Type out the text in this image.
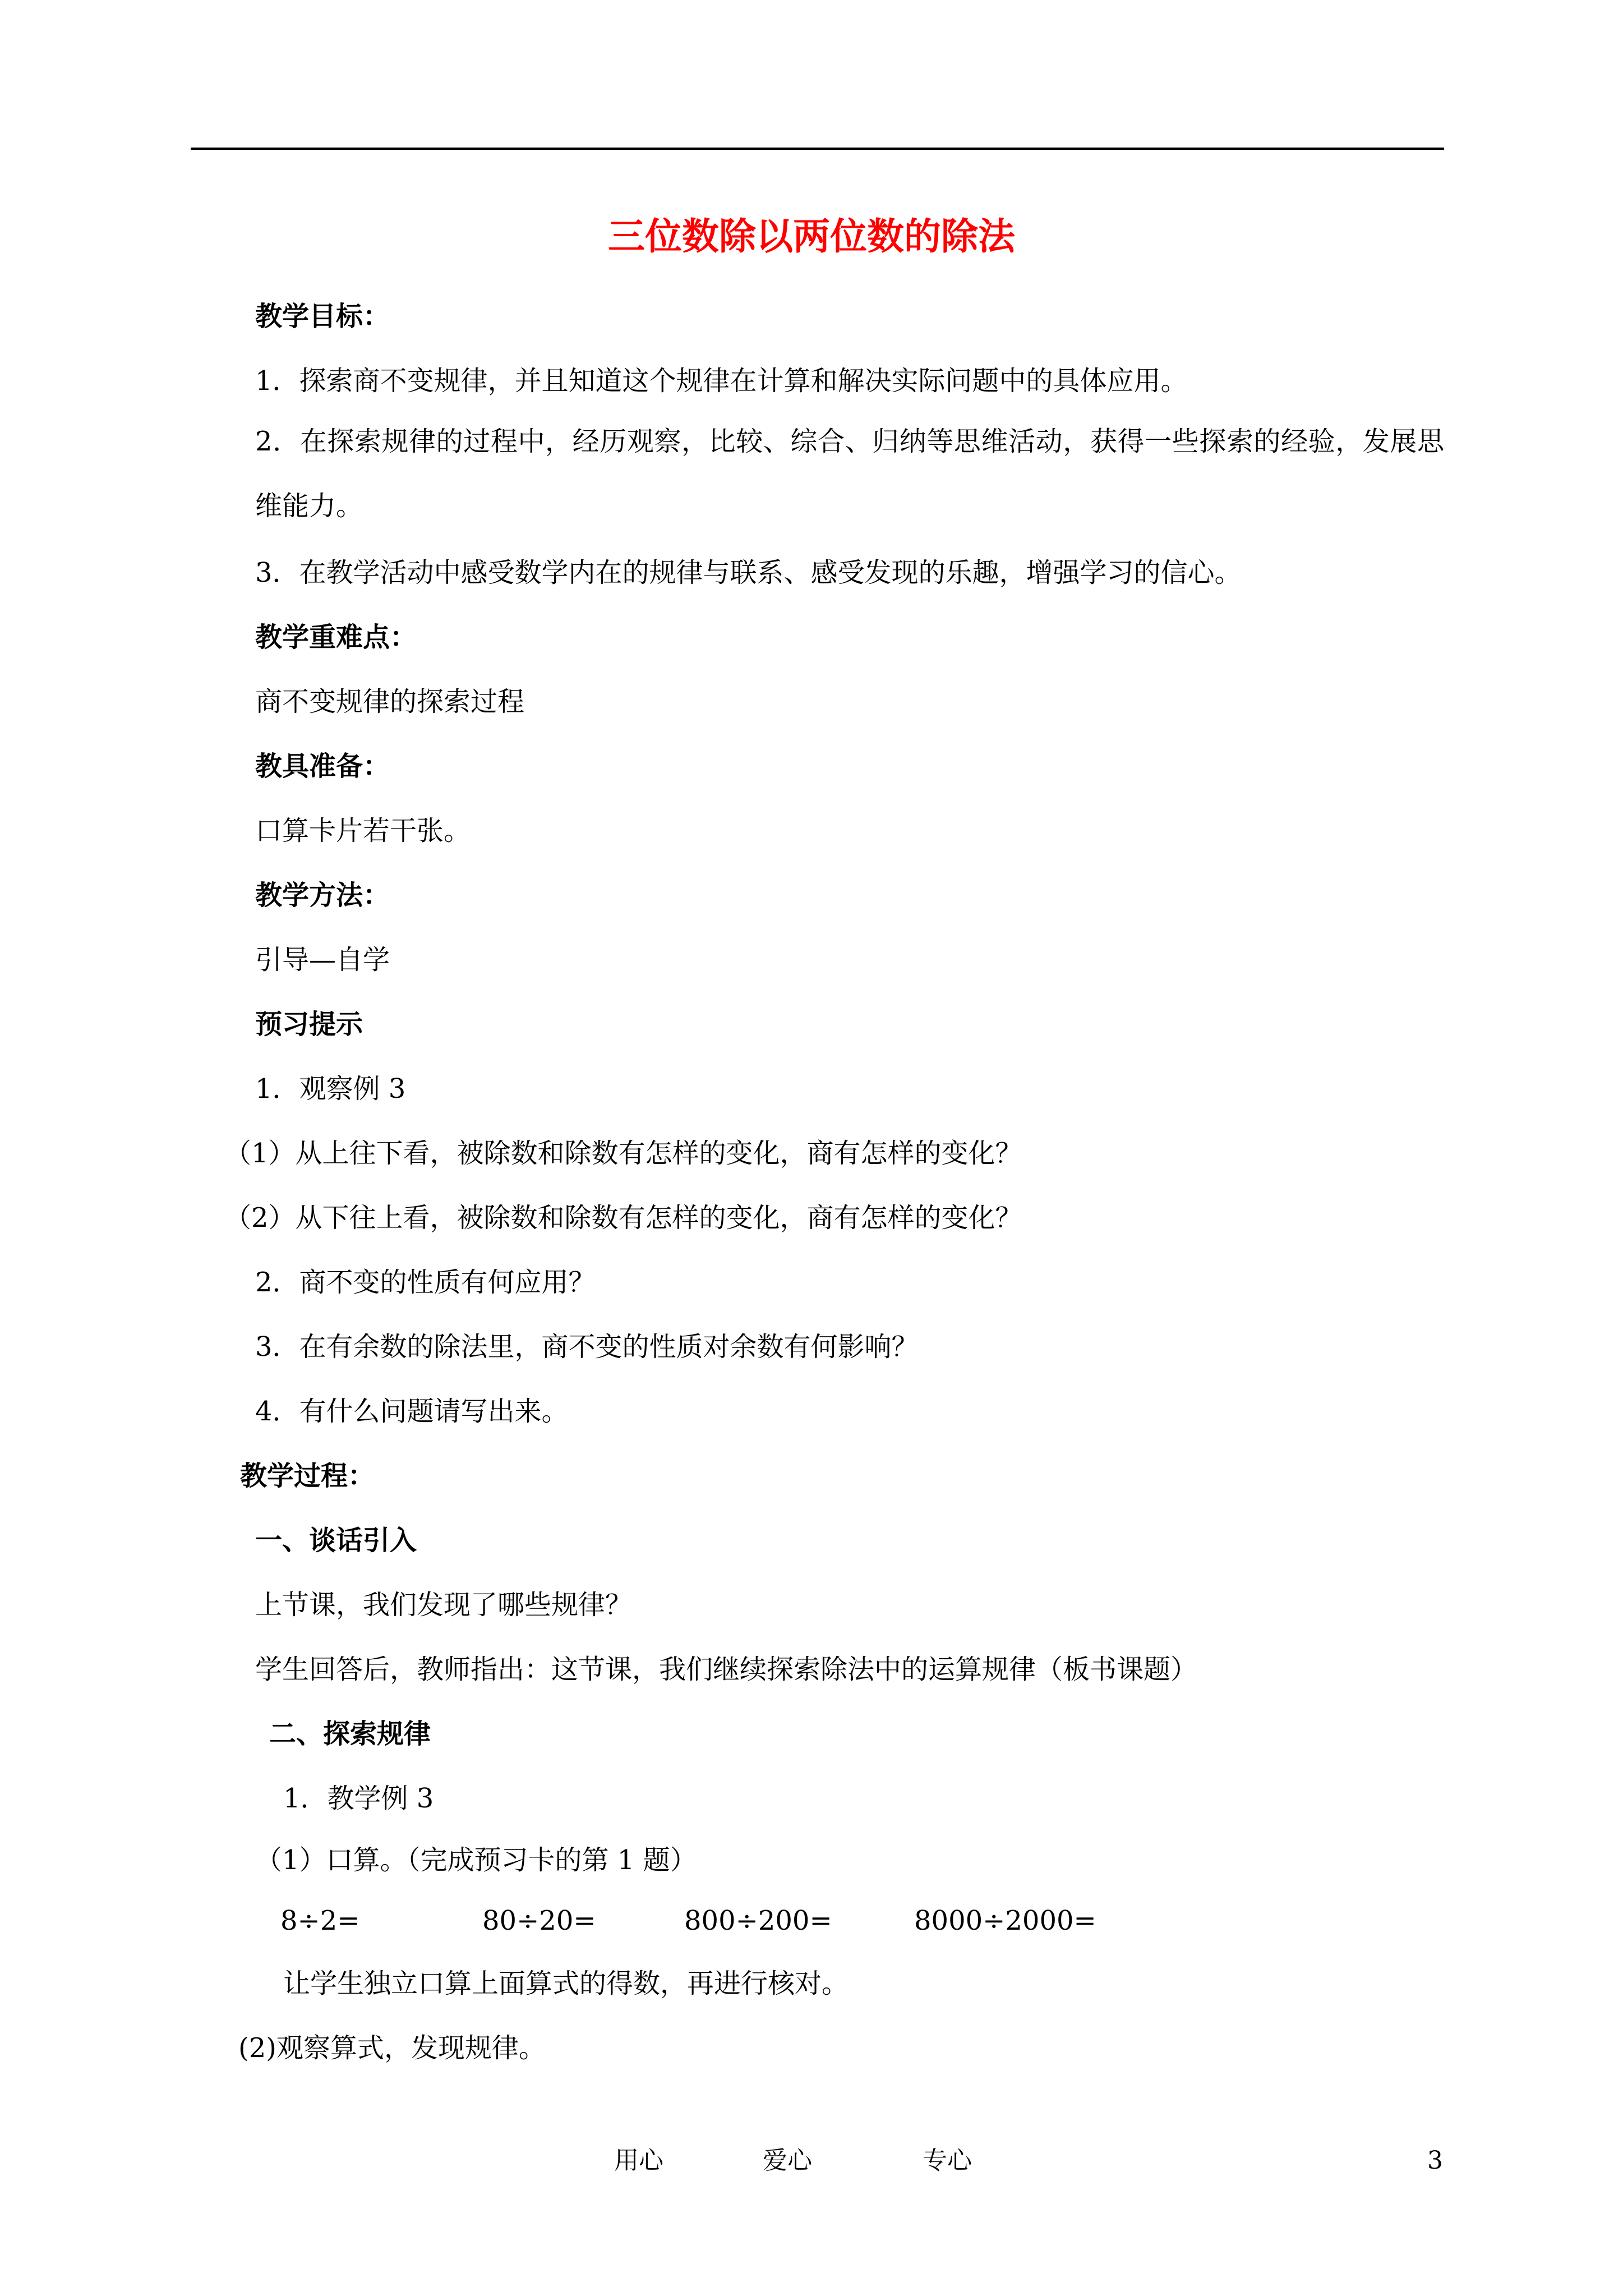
三位数除以两位数的除法
教学目标：
1．探索商不变规律，并且知道这个规律在计算和解决实际问题中的具体应用。
2．在探索规律的过程中，经历观察，比较、综合、归纳等思维活动，获得一些探索的经验，发展思维能力。
3．在教学活动中感受数学内在的规律与联系、感受发现的乐趣，增强学习的信心。
教学重难点：
商不变规律的探索过程
教具准备：
口算卡片若干张。
教学方法：
引导—自学
预习提示
1．观察例 3
（1）从上往下看，被除数和除数有怎样的变化，商有怎样的变化？
（2）从下往上看，被除数和除数有怎样的变化，商有怎样的变化？
2．商不变的性质有何应用？
3．在有余数的除法里，商不变的性质对余数有何影响？
4．有什么问题请写出来。
教学过程：
一、谈话引入
上节课，我们发现了哪些规律？
学生回答后，教师指出：这节课，我们继续探索除法中的运算规律（板书课题）
二、探索规律
1．教学例 3
（1）口算。（完成预习卡的第 1 题）
8÷2=	80÷20=	800÷200=	8000÷2000=
让学生独立口算上面算式的得数，再进行核对。
(2)观察算式，发现规律。
用心	爱心	专心	3
